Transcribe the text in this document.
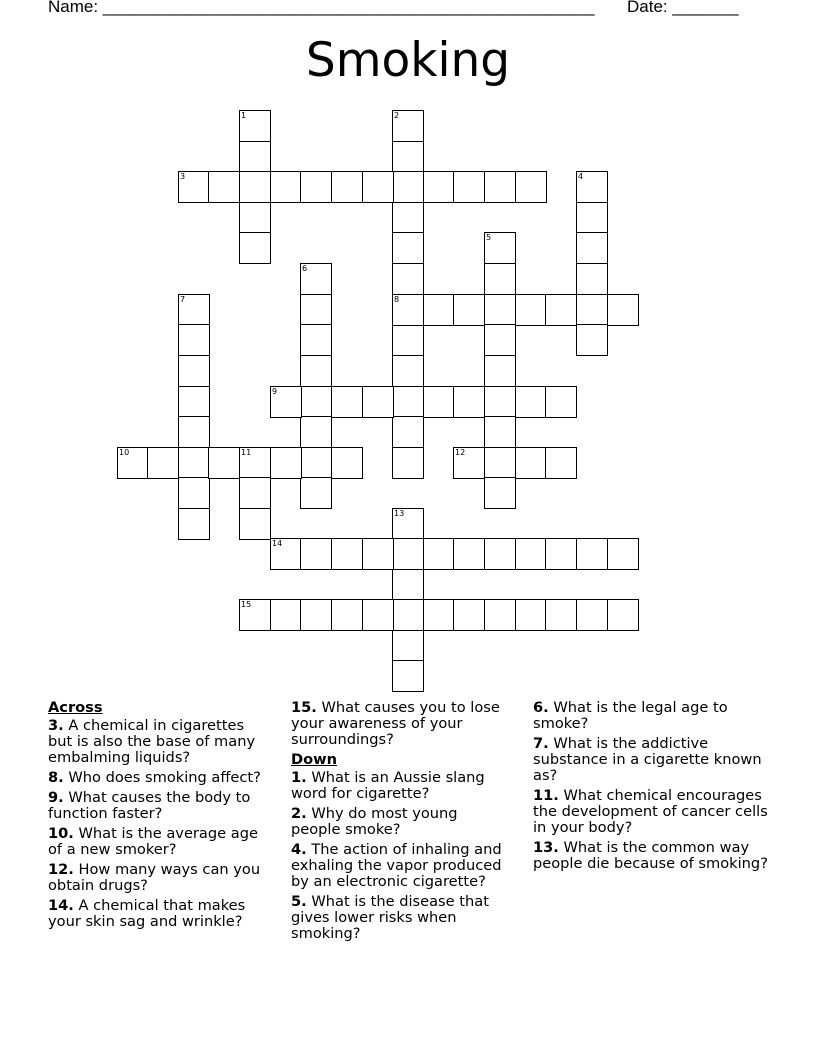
Name: ____________________________________________________ Date: _______
Smoking
1	2
3	4
5
6
7	8
9
10	11	12
13
14
15
Across

3. A chemical in cigarettes but is also the base of many embalming liquids?

8. Who does smoking affect?

9. What causes the body to function faster?

10. What is the average age of a new smoker?

12. How many ways can you obtain drugs?

14. A chemical that makes your skin sag and wrinkle?

15. What causes you to lose your awareness of your surroundings?

Down

1. What is an Aussie slang word for cigarette?

2. Why do most young people smoke?

4. The action of inhaling and exhaling the vapor produced by an electronic cigarette?

5. What is the disease that gives lower risks when smoking?

6. What is the legal age to smoke?

7. What is the addictive substance in a cigarette known as?

11. What chemical encourages the development of cancer cells in your body?

13. What is the common way people die because of smoking?
